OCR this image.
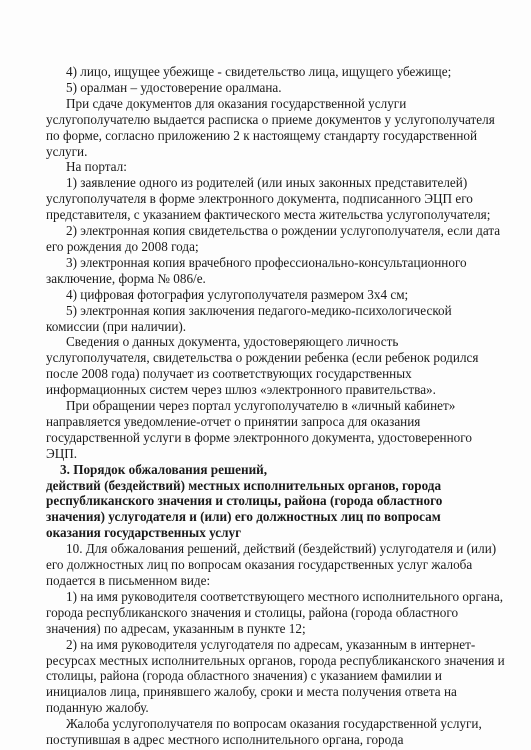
4) лицо, ищущее убежище - свидетельство лица, ищущего убежище;

5) оралман – удостоверение оралмана.

При сдаче документов для оказания государственной услуги

услугополучателю выдается расписка о приеме документов у услугополучателя

по форме, согласно приложению 2 к настоящему стандарту государственной

услуги.

На портал:

1) заявление одного из родителей (или иных законных представителей)

услугополучателя в форме электронного документа, подписанного ЭЦП его

представителя, с указанием фактического места жительства услугополучателя;

2) электронная копия свидетельства о рождении услугополучателя, если дата

его рождения до 2008 года;

3) электронная копия врачебного профессионально-консультационного

заключение, форма № 086/е.

4) цифровая фотография услугополучателя размером 3х4 см;

5) электронная копия заключения педагого-медико-психологической

комиссии (при наличии).

Сведения о данных документа, удостоверяющего личность

услугополучателя, свидетельства о рождении ребенка (если ребенок родился

после 2008 года) получает из соответствующих государственных

информационных систем через шлюз «электронного правительства».

При обращении через портал услугополучателю в «личный кабинет»

направляется уведомление-отчет о принятии запроса для оказания

государственной услуги в форме электронного документа, удостоверенного

ЭЦП.

3. Порядок обжалования решений,

действий (бездействий) местных исполнительных органов, города

республиканского значения и столицы, района (города областного

значения) услугодателя и (или) его должностных лиц по вопросам

оказания государственных услуг

10. Для обжалования решений, действий (бездействий) услугодателя и (или)

его должностных лиц по вопросам оказания государственных услуг жалоба

подается в письменном виде:

1) на имя руководителя соответствующего местного исполнительного органа,

города республиканского значения и столицы, района (города областного

значения) по адресам, указанным в пункте 12;

2) на имя руководителя услугодателя по адресам, указанным в интернет-

ресурсах местных исполнительных органов, города республиканского значения и

столицы, района (города областного значения) с указанием фамилии и

инициалов лица, принявшего жалобу, сроки и места получения ответа на

поданную жалобу.

Жалоба услугополучателя по вопросам оказания государственной услуги,

поступившая в адрес местного исполнительного органа, города
